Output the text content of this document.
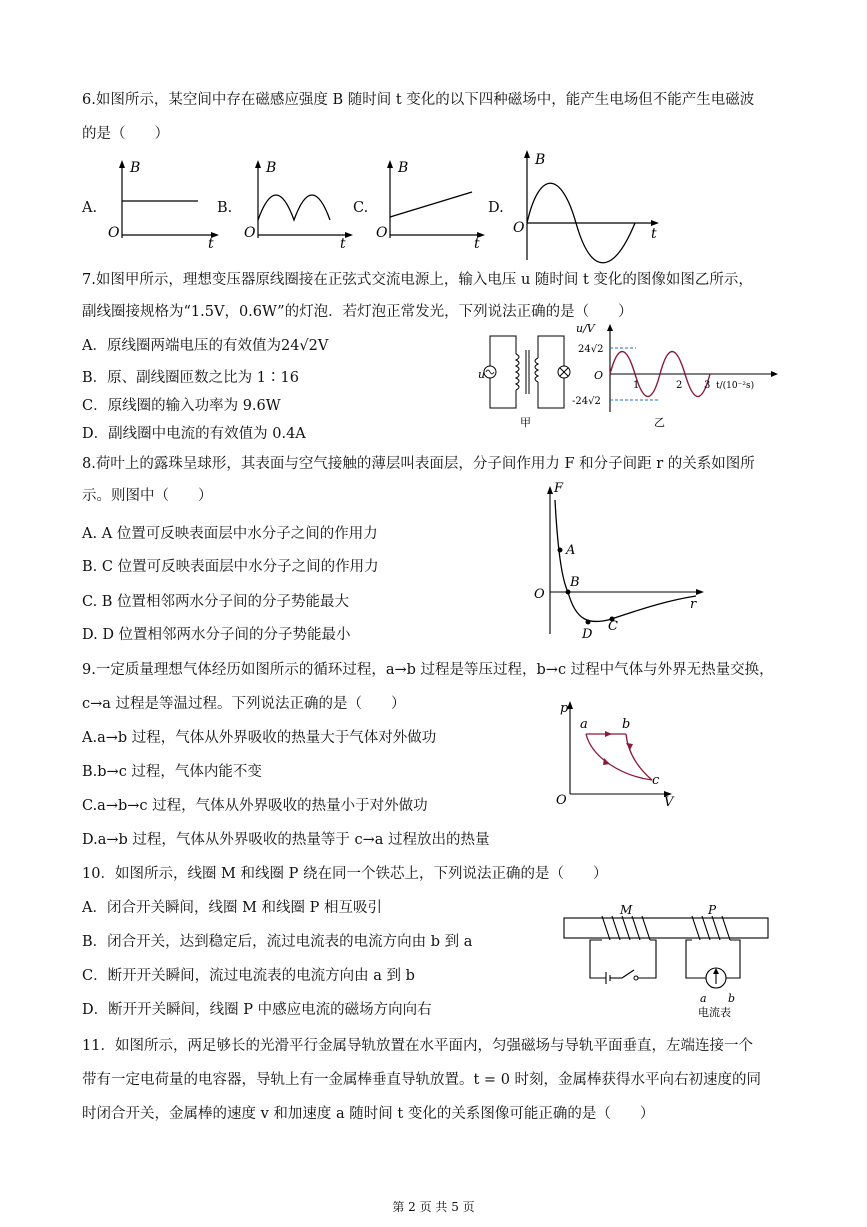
6.如图所示，某空间中存在磁感应强度 B 随时间 t 变化的以下四种磁场中，能产生电场但不能产生电磁波
的是（　　）
A.
B
O
t
B.
B
O
t
C.
B
O
t
D.
B
O	t
7.如图甲所示，理想变压器原线圈接在正弦式交流电源上，输入电压 u 随时间 t 变化的图像如图乙所示，
副线圈接规格为“1.5V，0.6W”的灯泡．若灯泡正常发光，下列说法正确的是（　　）
A．原线圈两端电压的有效值为24√2V
B．原、副线圈匝数之比为 1∶16
C．原线圈的输入功率为 9.6W
D．副线圈中电流的有效值为 0.4A
u
甲
u/V
24√2
-24√2
O
1	2 3 t/(10⁻²s)
乙
8.荷叶上的露珠呈球形，其表面与空气接触的薄层叫表面层，分子间作用力 F 和分子间距 r 的关系如图所
示。则图中（　　）
A. A 位置可反映表面层中水分子之间的作用力
B. C 位置可反映表面层中水分子之间的作用力
C. B 位置相邻两水分子间的分子势能最大
D. D 位置相邻两水分子间的分子势能最小
F
O
r
A
B
C
D
9.一定质量理想气体经历如图所示的循环过程，a→b 过程是等压过程，b→c 过程中气体与外界无热量交换，
c→a 过程是等温过程。下列说法正确的是（　　）
A.a→b 过程，气体从外界吸收的热量大于气体对外做功
B.b→c 过程，气体内能不变
C.a→b→c 过程，气体从外界吸收的热量小于对外做功
D.a→b 过程，气体从外界吸收的热量等于 c→a 过程放出的热量
p
O	V
a	b
c
10．如图所示，线圈 M 和线圈 P 绕在同一个铁芯上，下列说法正确的是（　　）
A．闭合开关瞬间，线圈 M 和线圈 P 相互吸引
B．闭合开关，达到稳定后，流过电流表的电流方向由 b 到 a
C．断开开关瞬间，流过电流表的电流方向由 a 到 b
D．断开开关瞬间，线圈 P 中感应电流的磁场方向向右
M	P
a b
电流表
11．如图所示，两足够长的光滑平行金属导轨放置在水平面内，匀强磁场与导轨平面垂直，左端连接一个
带有一定电荷量的电容器，导轨上有一金属棒垂直导轨放置。t = 0 时刻，金属棒获得水平向右初速度的同
时闭合开关，金属棒的速度 v 和加速度 a 随时间 t 变化的关系图像可能正确的是（　　）
第 2 页 共 5 页
